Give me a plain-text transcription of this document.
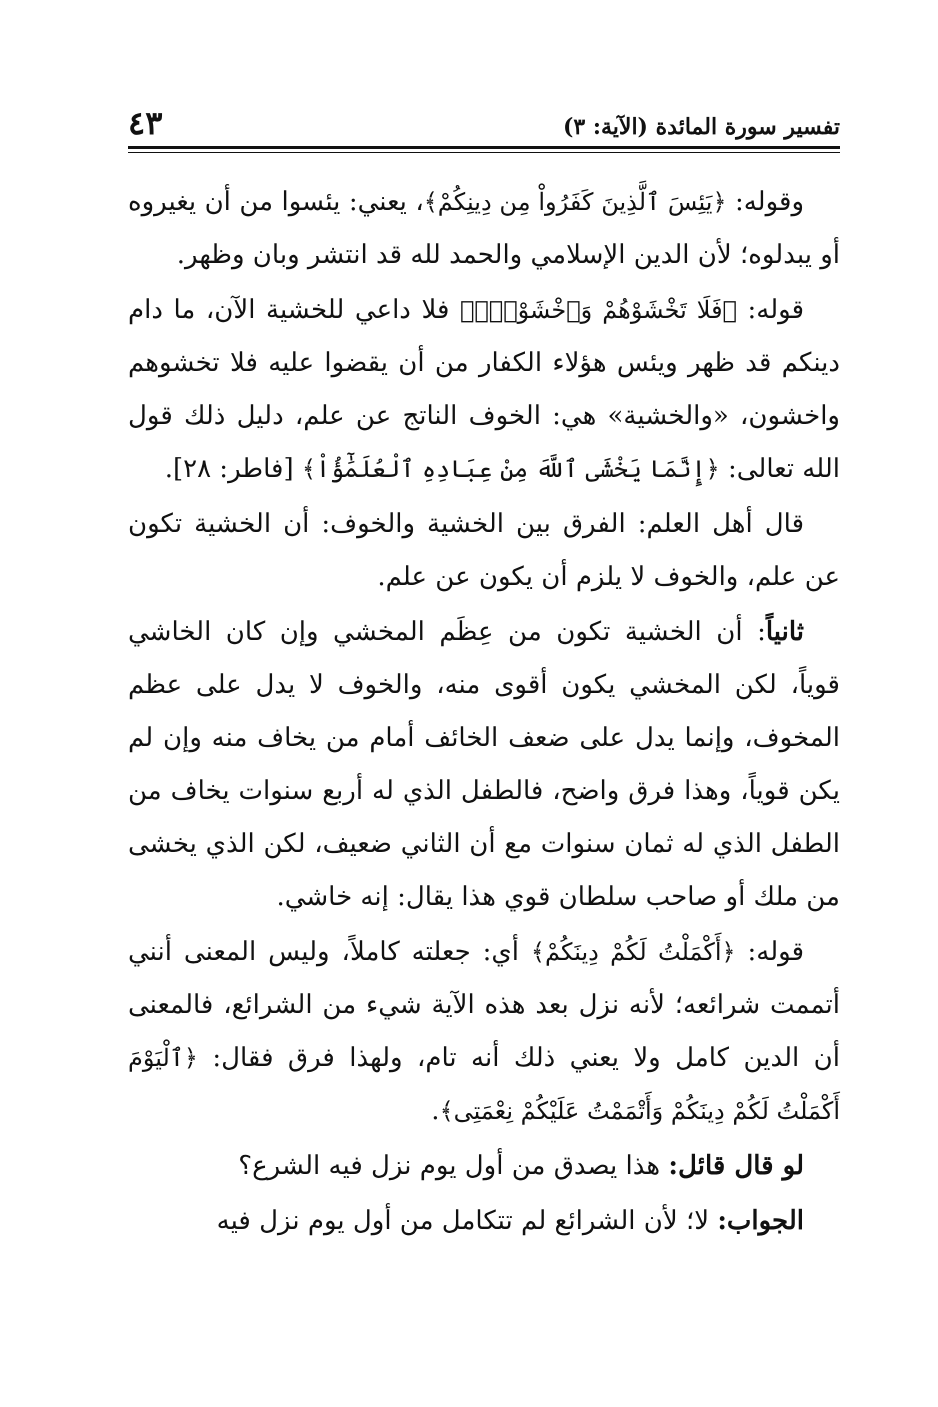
تفسير سورة المائدة (الآية: ٣)
٤٣

وقوله: ﴿يَئِسَ ٱلَّذِينَ كَفَرُواْ مِن دِينِكُمْ﴾، يعني: يئسوا من أن يغيروه أو يبدلوه؛ لأن الدين الإسلامي والحمد لله قد انتشر وبان وظهر.

قوله: ﴿فَلَا تَخْشَوْهُمْ وَٱخْشَوْنِۚ﴾ فلا داعي للخشية الآن، ما دام دينكم قد ظهر ويئس هؤلاء الكفار من أن يقضوا عليه فلا تخشوهم واخشون، «والخشية» هي: الخوف الناتج عن علم، دليل ذلك قول الله تعالى: ﴿إِنَّمَا يَخْشَى ٱللَّهَ مِنْ عِبَادِهِ ٱلْعُلَمَٰٓؤُاْ﴾ [فاطر: ٢٨].

قال أهل العلم: الفرق بين الخشية والخوف: أن الخشية تكون عن علم، والخوف لا يلزم أن يكون عن علم.

ثانياً: أن الخشية تكون من عِظَم المخشي وإن كان الخاشي قوياً، لكن المخشي يكون أقوى منه، والخوف لا يدل على عظم المخوف، وإنما يدل على ضعف الخائف أمام من يخاف منه وإن لم يكن قوياً، وهذا فرق واضح، فالطفل الذي له أربع سنوات يخاف من الطفل الذي له ثمان سنوات مع أن الثاني ضعيف، لكن الذي يخشى من ملك أو صاحب سلطان قوي هذا يقال: إنه خاشي.

قوله: ﴿أَكْمَلْتُ لَكُمْ دِينَكُمْ﴾ أي: جعلته كاملاً، وليس المعنى أنني أتممت شرائعه؛ لأنه نزل بعد هذه الآية شيء من الشرائع، فالمعنى أن الدين كامل ولا يعني ذلك أنه تام، ولهذا فرق فقال: ﴿ٱلْيَوْمَ أَكْمَلْتُ لَكُمْ دِينَكُمْ وَأَتْمَمْتُ عَلَيْكُمْ نِعْمَتِى﴾.

لو قال قائل: هذا يصدق من أول يوم نزل فيه الشرع؟

الجواب: لا؛ لأن الشرائع لم تتكامل من أول يوم نزل فيه
